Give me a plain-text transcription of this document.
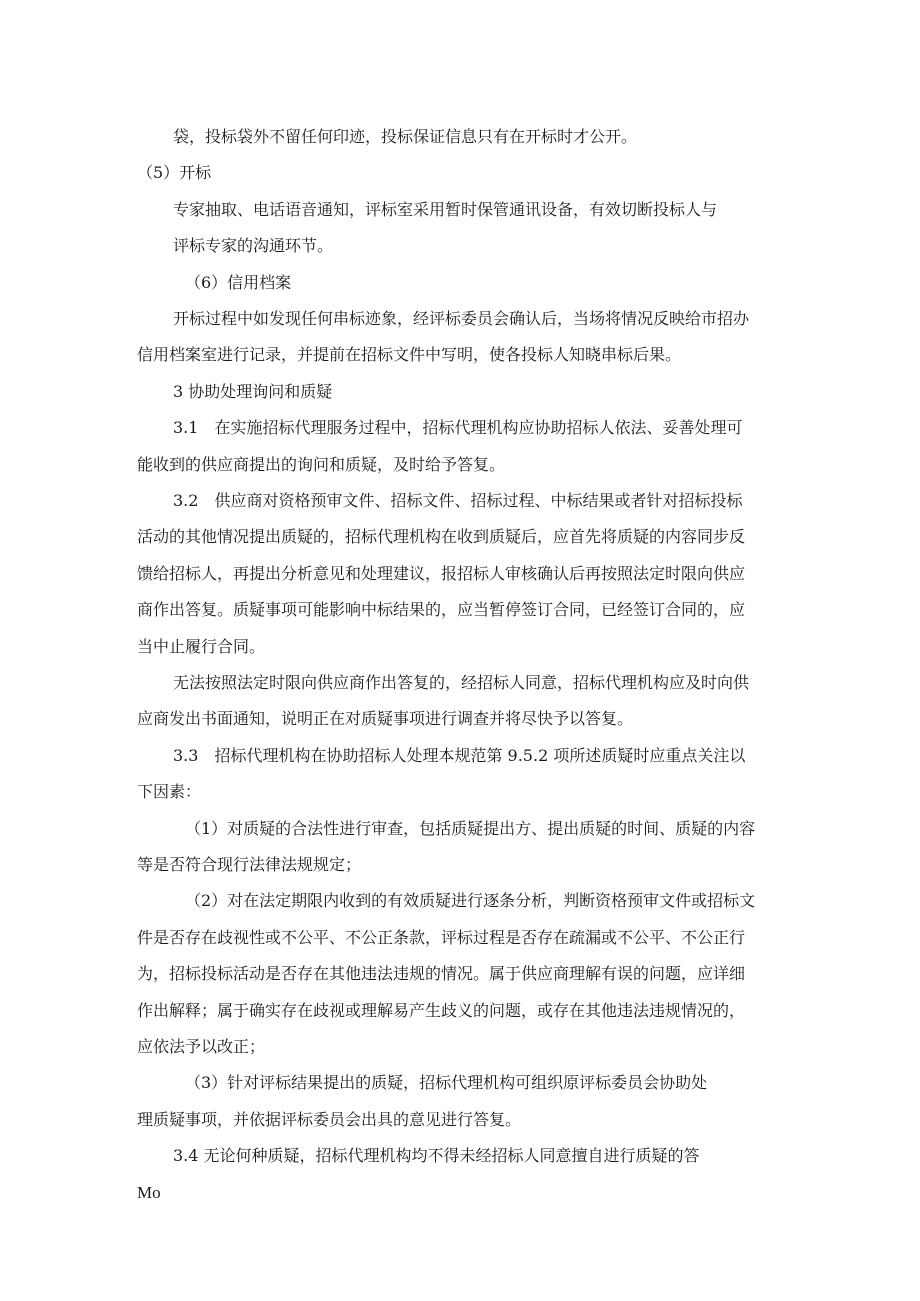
袋，投标袋外不留任何印迹，投标保证信息只有在开标时才公开。

（5）开标

专家抽取、电话语音通知，评标室采用暂时保管通讯设备，有效切断投标人与

评标专家的沟通环节。

（6）信用档案

开标过程中如发现任何串标迹象，经评标委员会确认后，当场将情况反映给市招办

信用档案室进行记录，并提前在招标文件中写明，使各投标人知晓串标后果。

3 协助处理询问和质疑

3.1　在实施招标代理服务过程中，招标代理机构应协助招标人依法、妥善处理可

能收到的供应商提出的询问和质疑，及时给予答复。

3.2　供应商对资格预审文件、招标文件、招标过程、中标结果或者针对招标投标

活动的其他情况提出质疑的，招标代理机构在收到质疑后，应首先将质疑的内容同步反

馈给招标人，再提出分析意见和处理建议，报招标人审核确认后再按照法定时限向供应

商作出答复。质疑事项可能影响中标结果的，应当暂停签订合同，已经签订合同的，应

当中止履行合同。

无法按照法定时限向供应商作出答复的，经招标人同意，招标代理机构应及时向供

应商发出书面通知，说明正在对质疑事项进行调查并将尽快予以答复。

3.3　招标代理机构在协助招标人处理本规范第 9.5.2 项所述质疑时应重点关注以

下因素：

（1）对质疑的合法性进行审查，包括质疑提出方、提出质疑的时间、质疑的内容

等是否符合现行法律法规规定；

（2）对在法定期限内收到的有效质疑进行逐条分析，判断资格预审文件或招标文

件是否存在歧视性或不公平、不公正条款，评标过程是否存在疏漏或不公平、不公正行

为，招标投标活动是否存在其他违法违规的情况。属于供应商理解有误的问题，应详细

作出解释；属于确实存在歧视或理解易产生歧义的问题，或存在其他违法违规情况的，

应依法予以改正；

（3）针对评标结果提出的质疑，招标代理机构可组织原评标委员会协助处

理质疑事项，并依据评标委员会出具的意见进行答复。

3.4 无论何种质疑，招标代理机构均不得未经招标人同意擅自进行质疑的答

Mo
